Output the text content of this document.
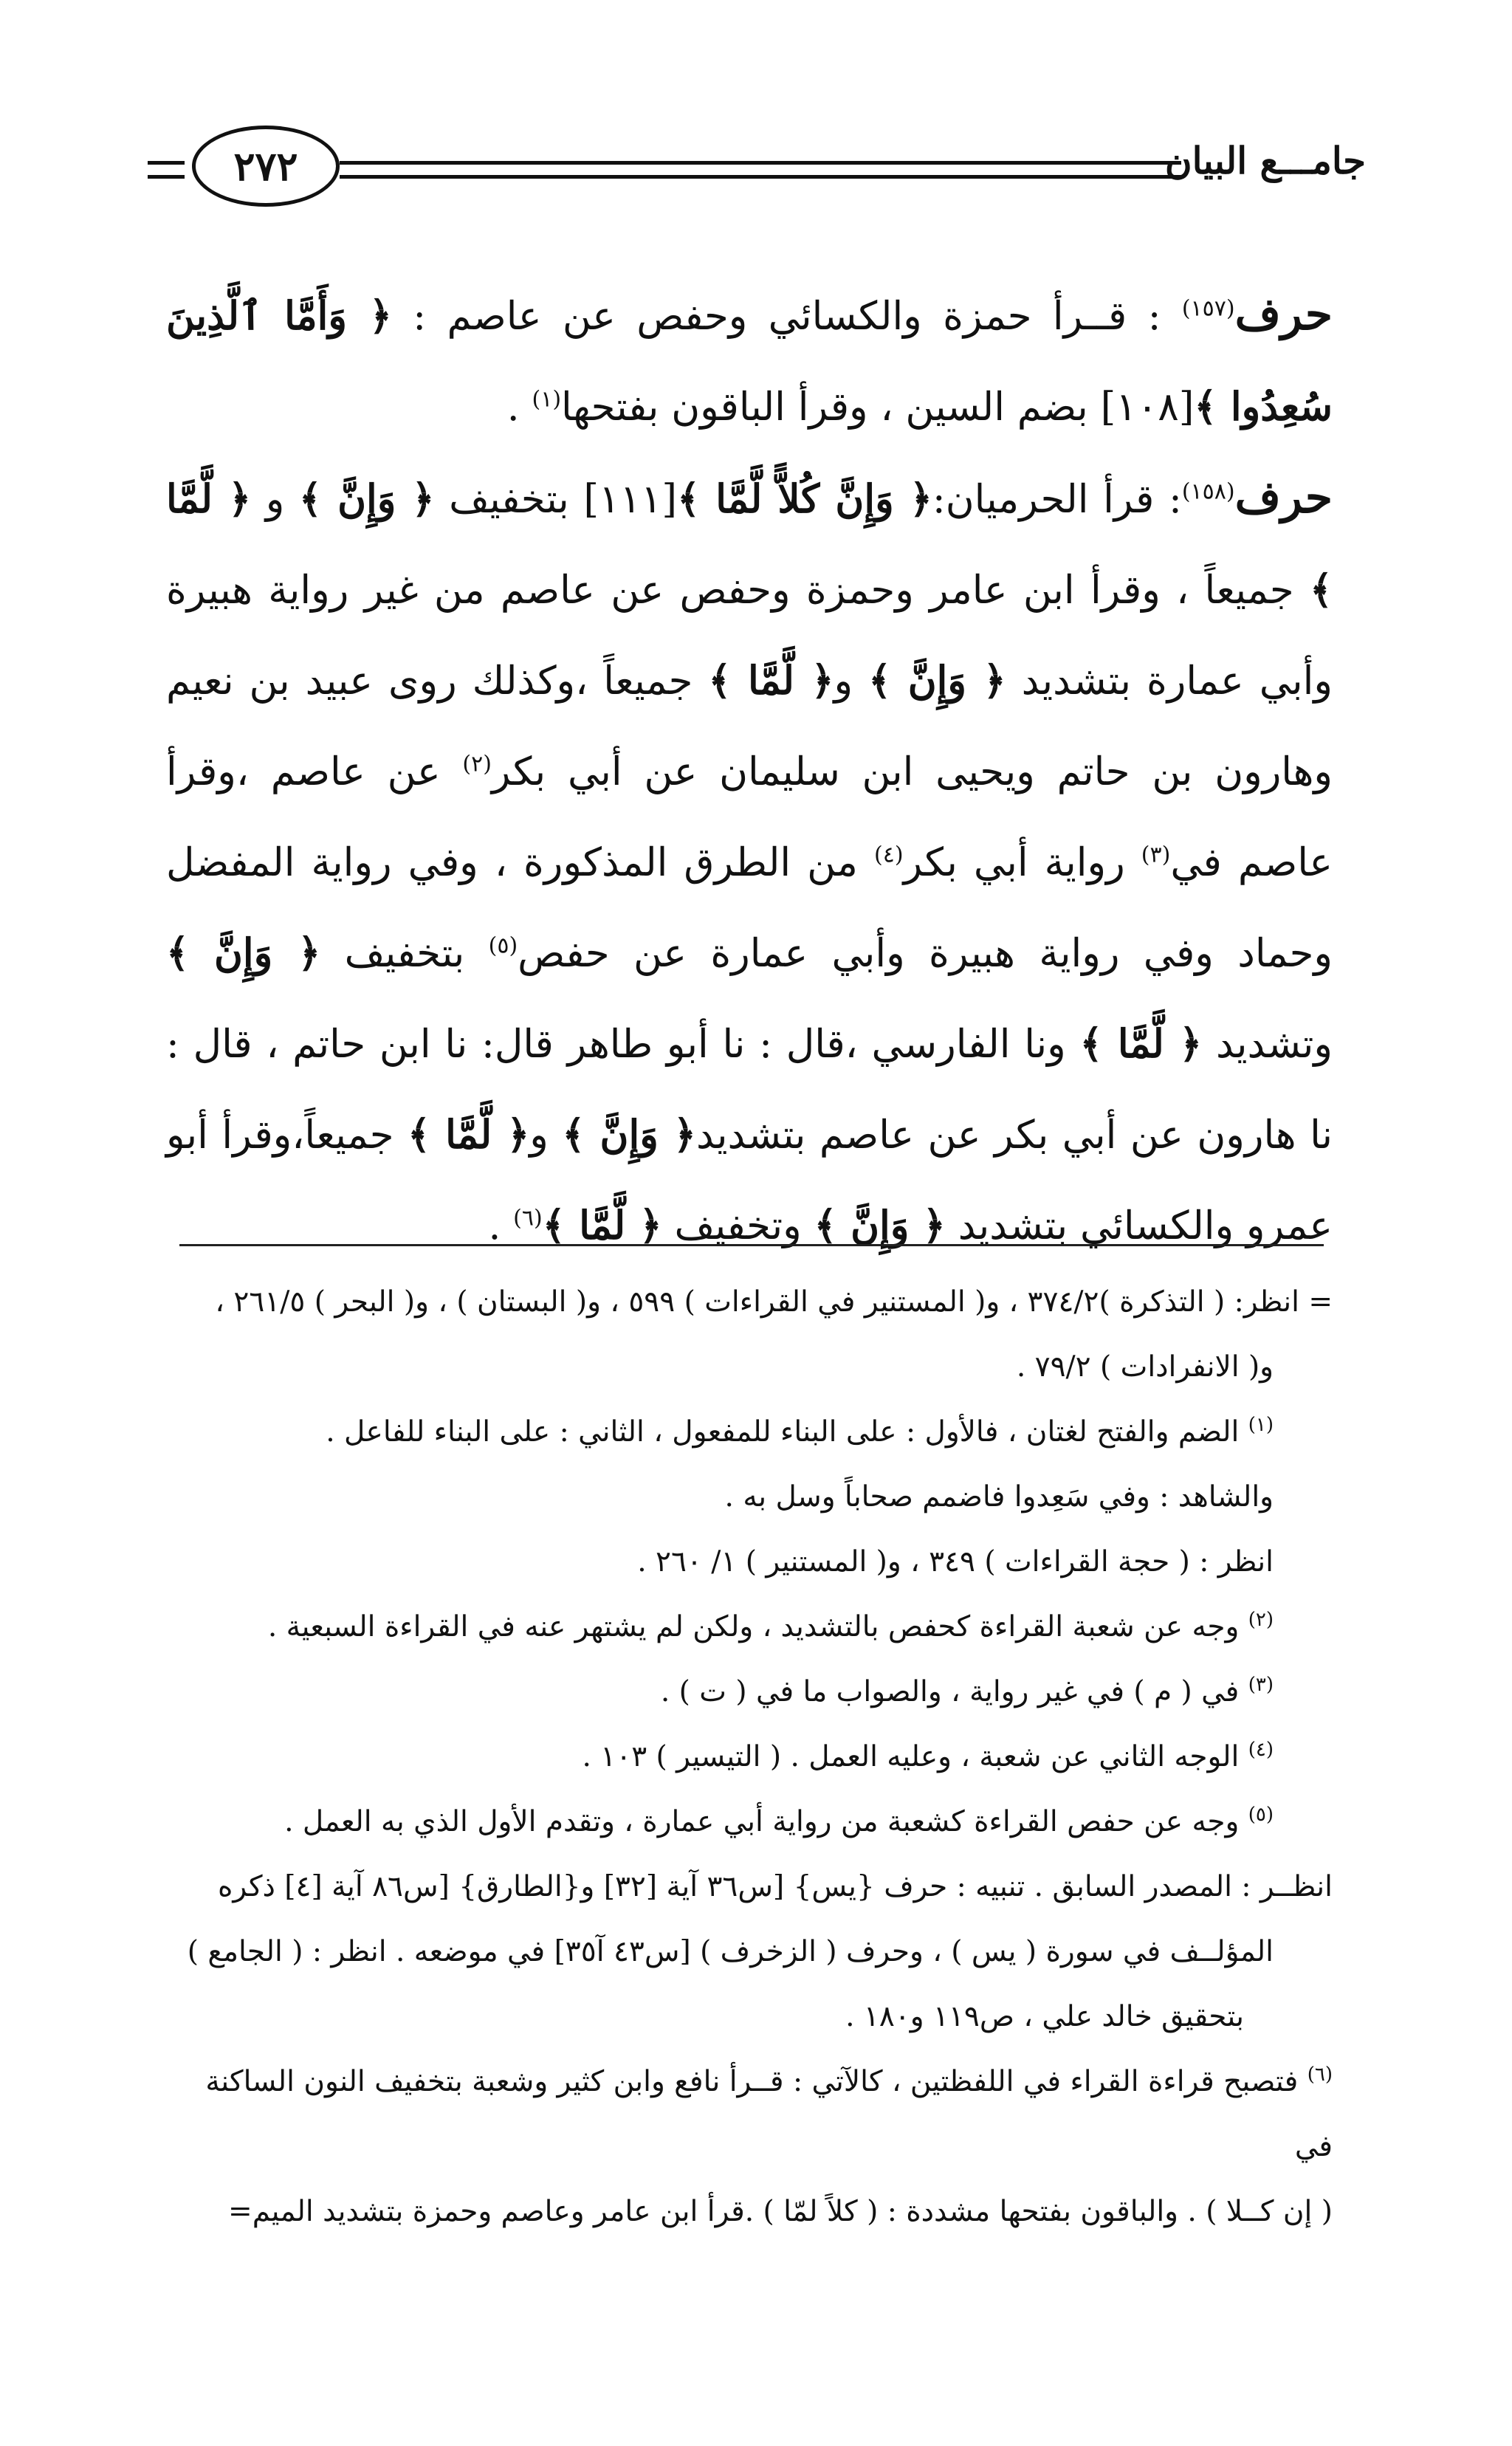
٢٧٢	جامـــع البيان

حرف$^{(١٥٧)}$ : قــرأ حمزة والكسائي وحفص عن عاصم : ﴿ وَأَمَّا ٱلَّذِينَ سُعِدُوا ﴾[١٠٨] بضم السين ، وقرأ الباقون بفتحها$^{(١)}$ .

حرف$^{(١٥٨)}$: قرأ الحرميان:﴿ وَإِنَّ كُلاًّ لَّمَّا ﴾[١١١] بتخفيف ﴿ وَإِنَّ ﴾ و ﴿ لَّمَّا ﴾ جميعاً ، وقرأ ابن عامر وحمزة وحفص عن عاصم من غير رواية هبيرة وأبي عمارة بتشديد ﴿ وَإِنَّ ﴾ و﴿ لَّمَّا ﴾ جميعاً ،وكذلك روى عبيد بن نعيم وهارون بن حاتم ويحيى ابن سليمان عن أبي بكر$^{(٢)}$ عن عاصم ،وقرأ عاصم في$^{(٣)}$ رواية أبي بكر$^{(٤)}$ من الطرق المذكورة ، وفي رواية المفضل وحماد وفي رواية هبيرة وأبي عمارة عن حفص$^{(٥)}$ بتخفيف ﴿ وَإِنَّ ﴾ وتشديد ﴿ لَّمَّا ﴾ ونا الفارسي ،قال : نا أبو طاهر قال: نا ابن حاتم ، قال : نا هارون عن أبي بكر عن عاصم بتشديد﴿ وَإِنَّ ﴾ و﴿ لَّمَّا ﴾ جميعاً،وقرأ أبو عمرو والكسائي بتشديد ﴿ وَإِنَّ ﴾ وتخفيف ﴿ لَّمَّا ﴾$^{(٦)}$ .

= انظر: ( التذكرة )٣٧٤/٢ ، و( المستنير في القراءات ) ٥٩٩ ، و( البستان ) ، و( البحر ) ٢٦١/٥ ،

و( الانفرادات ) ٧٩/٢ .

$^{(١)}$ الضم والفتح لغتان ، فالأول : على البناء للمفعول ، الثاني : على البناء للفاعل .

والشاهد : وفي سَعِدوا فاضمم صحاباً وسل به .

انظر : ( حجة القراءات ) ٣٤٩ ، و( المستنير ) ١/ ٢٦٠ .

$^{(٢)}$ وجه عن شعبة القراءة كحفص بالتشديد ، ولكن لم يشتهر عنه في القراءة السبعية .

$^{(٣)}$ في ( م ) في غير رواية ، والصواب ما في ( ت ) .

$^{(٤)}$ الوجه الثاني عن شعبة ، وعليه العمل . ( التيسير ) ١٠٣ .

$^{(٥)}$ وجه عن حفص القراءة كشعبة من رواية أبي عمارة ، وتقدم الأول الذي به العمل .

انظــر : المصدر السابق . تنبيه : حرف {يس} [س٣٦ آية [٣٢] و{الطارق} [س٨٦ آية [٤] ذكره

المؤلــف في سورة ( يس ) ، وحرف ( الزخرف ) [س٤٣ آ٣٥] في موضعه . انظر : ( الجامع )

بتحقيق خالد علي ، ص١١٩ و١٨٠ .

$^{(٦)}$ فتصبح قراءة القراء في اللفظتين ، كالآتي : قــرأ نافع وابن كثير وشعبة بتخفيف النون الساكنة في

( إن كــلا ) . والباقون بفتحها مشددة : ( كلاً لمّا ) .قرأ ابن عامر وعاصم وحمزة بتشديد الميم=
